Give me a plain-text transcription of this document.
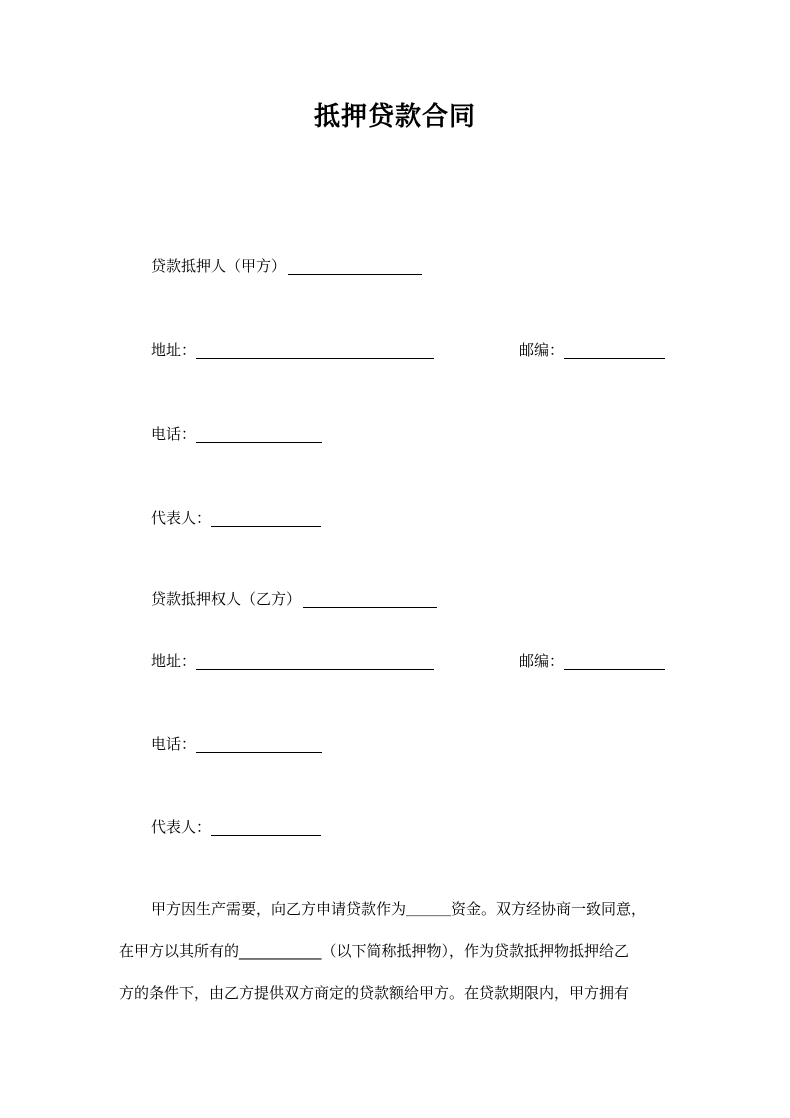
抵押贷款合同
贷款抵押人（甲方）
地址：	邮编：
电话：
代表人：
贷款抵押权人（乙方）
地址：	邮编：
电话：
代表人：
甲方因生产需要，向乙方申请贷款作为＿＿＿资金。双方经协商一致同意，
在甲方以其所有的___________（以下简称抵押物），作为贷款抵押物抵押给乙
方的条件下，由乙方提供双方商定的贷款额给甲方。在贷款期限内，甲方拥有
